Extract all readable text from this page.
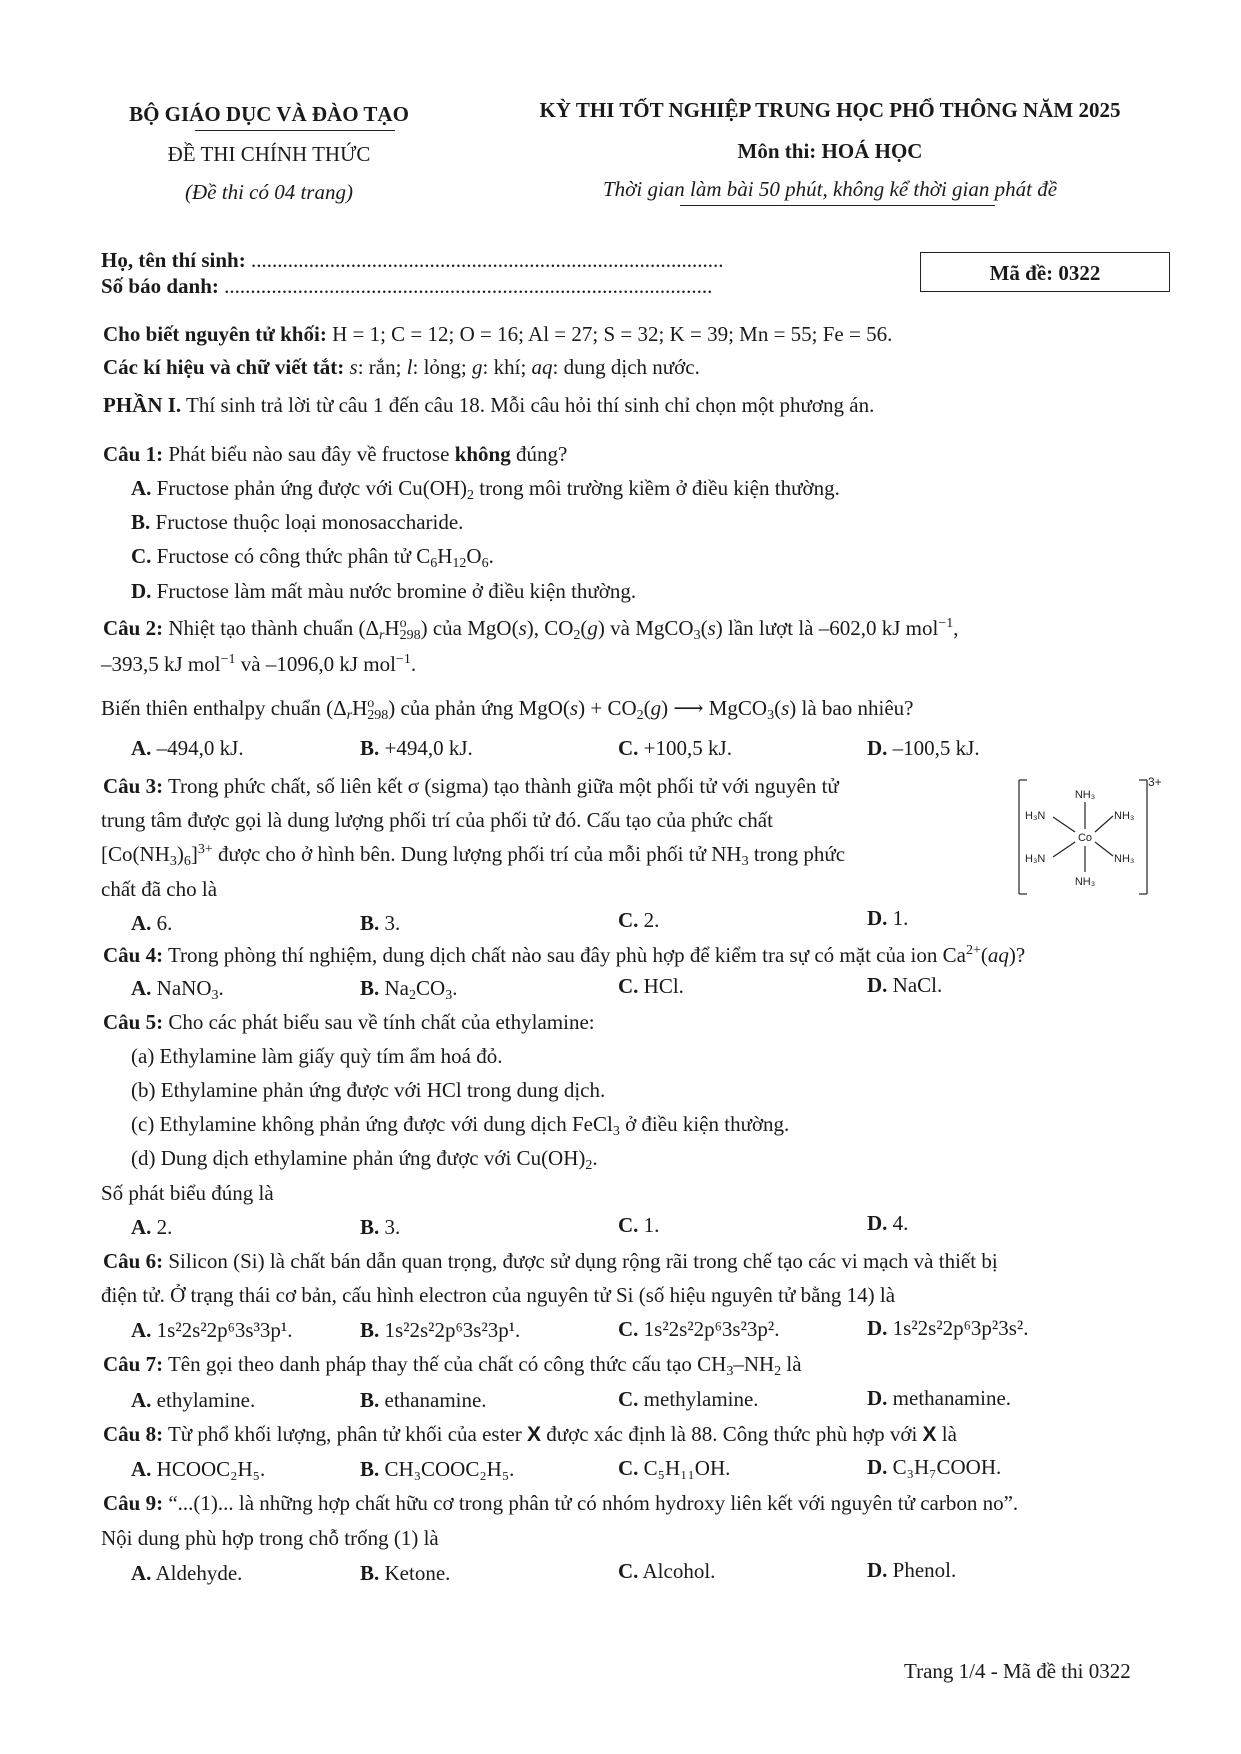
BỘ GIÁO DỤC VÀ ĐÀO TẠO
ĐỀ THI CHÍNH THỨC
(Đề thi có 04 trang)
KỲ THI TỐT NGHIỆP TRUNG HỌC PHỔ THÔNG NĂM 2025
Môn thi: HOÁ HỌC
Thời gian làm bài 50 phút, không kể thời gian phát đề
Họ, tên thí sinh: ..........................................................................................
Số báo danh: .............................................................................................
Mã đề: 0322
Cho biết nguyên tử khối: H = 1; C = 12; O = 16; Al = 27; S = 32; K = 39; Mn = 55; Fe = 56.
Các kí hiệu và chữ viết tắt: s: rắn; l: lỏng; g: khí; aq: dung dịch nước.
PHẦN I. Thí sinh trả lời từ câu 1 đến câu 18. Mỗi câu hỏi thí sinh chỉ chọn một phương án.
Câu 1: Phát biểu nào sau đây về fructose không đúng?
A. Fructose phản ứng được với $Cu(OH)_2$ trong môi trường kiềm ở điều kiện thường.
B. Fructose thuộc loại monosaccharide.
C. Fructose có công thức phân tử $C_6H_{12}O_6$.
D. Fructose làm mất màu nước bromine ở điều kiện thường.
Câu 2: Nhiệt tạo thành chuẩn $(\Delta_rH^o_{298})$ của MgO(s), $CO_2(g)$ và MgCO$_3$(s) lần lượt là –602,0 kJ mol$^{-1}$,
–393,5 kJ mol$^{-1}$ và –1096,0 kJ mol$^{-1}$.
Biến thiên enthalpy chuẩn $(\Delta_rH^o_{298})$ của phản ứng $MgO(s) + CO_2(g)$ ⟶ MgCO$_3$(s) là bao nhiêu?
A. –494,0 kJ.	B. +494,0 kJ.	C. +100,5 kJ.	D. –100,5 kJ.
Câu 3: Trong phức chất, số liên kết σ (sigma) tạo thành giữa một phối tử với nguyên tử
trung tâm được gọi là dung lượng phối trí của phối tử đó. Cấu tạo của phức chất
$[Co(NH_3)_6]^{3+}$ được cho ở hình bên. Dung lượng phối trí của mỗi phối tử $NH_3$ trong phức
chất đã cho là
3+
NH₃
Co
NH₃
H₃N
H₃N
NH₃
NH₃
A. 6.	B. 3.	C. 2.	D. 1.
Câu 4: Trong phòng thí nghiệm, dung dịch chất nào sau đây phù hợp để kiểm tra sự có mặt của ion $Ca^{2+}(aq)$?
A. NaNO$_3$.	B. $Na_2CO_3$.	C. HCl.	D. NaCl.
Câu 5: Cho các phát biểu sau về tính chất của ethylamine:
(a) Ethylamine làm giấy quỳ tím ẩm hoá đỏ.
(b) Ethylamine phản ứng được với HCl trong dung dịch.
(c) Ethylamine không phản ứng được với dung dịch FeCl$_3$ ở điều kiện thường.
(d) Dung dịch ethylamine phản ứng được với $Cu(OH)_2$.
Số phát biểu đúng là
A. 2.	B. 3.	C. 1.	D. 4.
Câu 6: Silicon (Si) là chất bán dẫn quan trọng, được sử dụng rộng rãi trong chế tạo các vi mạch và thiết bị
điện tử. Ở trạng thái cơ bản, cấu hình electron của nguyên tử Si (số hiệu nguyên tử bằng 14) là
A. 1s²2s²2p⁶3s³3p¹.	B. 1s²2s²2p⁶3s²3p¹.	C. 1s²2s²2p⁶3s²3p².	D. 1s²2s²2p⁶3p²3s².
Câu 7: Tên gọi theo danh pháp thay thế của chất có công thức cấu tạo $CH_3-NH_2$ là
A. ethylamine.	B. ethanamine.	C. methylamine.	D. methanamine.
Câu 8: Từ phổ khối lượng, phân tử khối của ester X được xác định là 88. Công thức phù hợp với X là
A. HCOOC₂H₅.	B. CH₃COOC₂H₅.	C. C₅H₁₁OH.	D. C₃H₇COOH.
Câu 9: “...(1)... là những hợp chất hữu cơ trong phân tử có nhóm hydroxy liên kết với nguyên tử carbon no”.
Nội dung phù hợp trong chỗ trống (1) là
A. Aldehyde.	B. Ketone.	C. Alcohol.	D. Phenol.
Trang 1/4 - Mã đề thi 0322
